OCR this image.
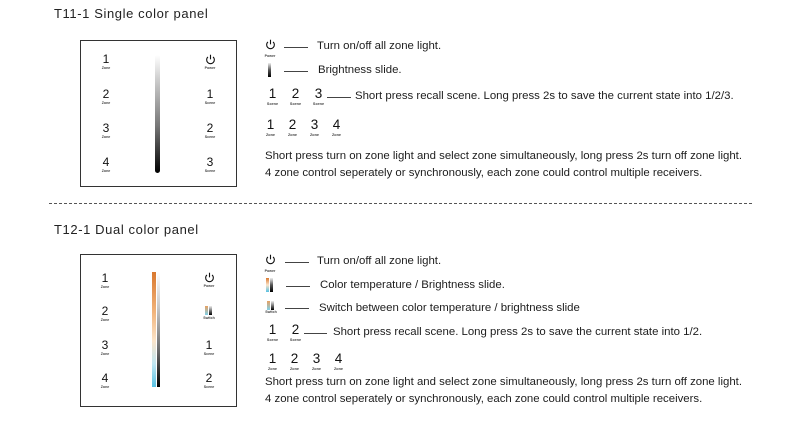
T11-1 Single color panel
1
Zone
2
Zone
3
Zone
4
Zone
Power
1
Scene
2
Scene
3
Scene
Power
Turn on/off all zone light.
Brightness slide.
1
Scene
2
Scene
3
Scene
Short press recall scene. Long press 2s to save the current state into 1/2/3.
1
Zone
2
Zone
3
Zone
4
Zone
Short press turn on zone light and select zone simultaneously, long press 2s turn off zone light.
4 zone control seperately or synchronously, each zone could control multiple receivers.
T12-1 Dual color panel
1
Zone
2
Zone
3
Zone
4
Zone
Power
Switch
1
Scene
2
Scene
Power
Turn on/off all zone light.
Color temperature / Brightness slide.
Switch	Switch between color temperature / brightness slide
1
Scene
2
Scene
Short press recall scene. Long press 2s to save the current state into 1/2.
1
Zone
2
Zone
3
Zone
4
Zone
Short press turn on zone light and select zone simultaneously, long press 2s turn off zone light.
4 zone control seperately or synchronously, each zone could control multiple receivers.
